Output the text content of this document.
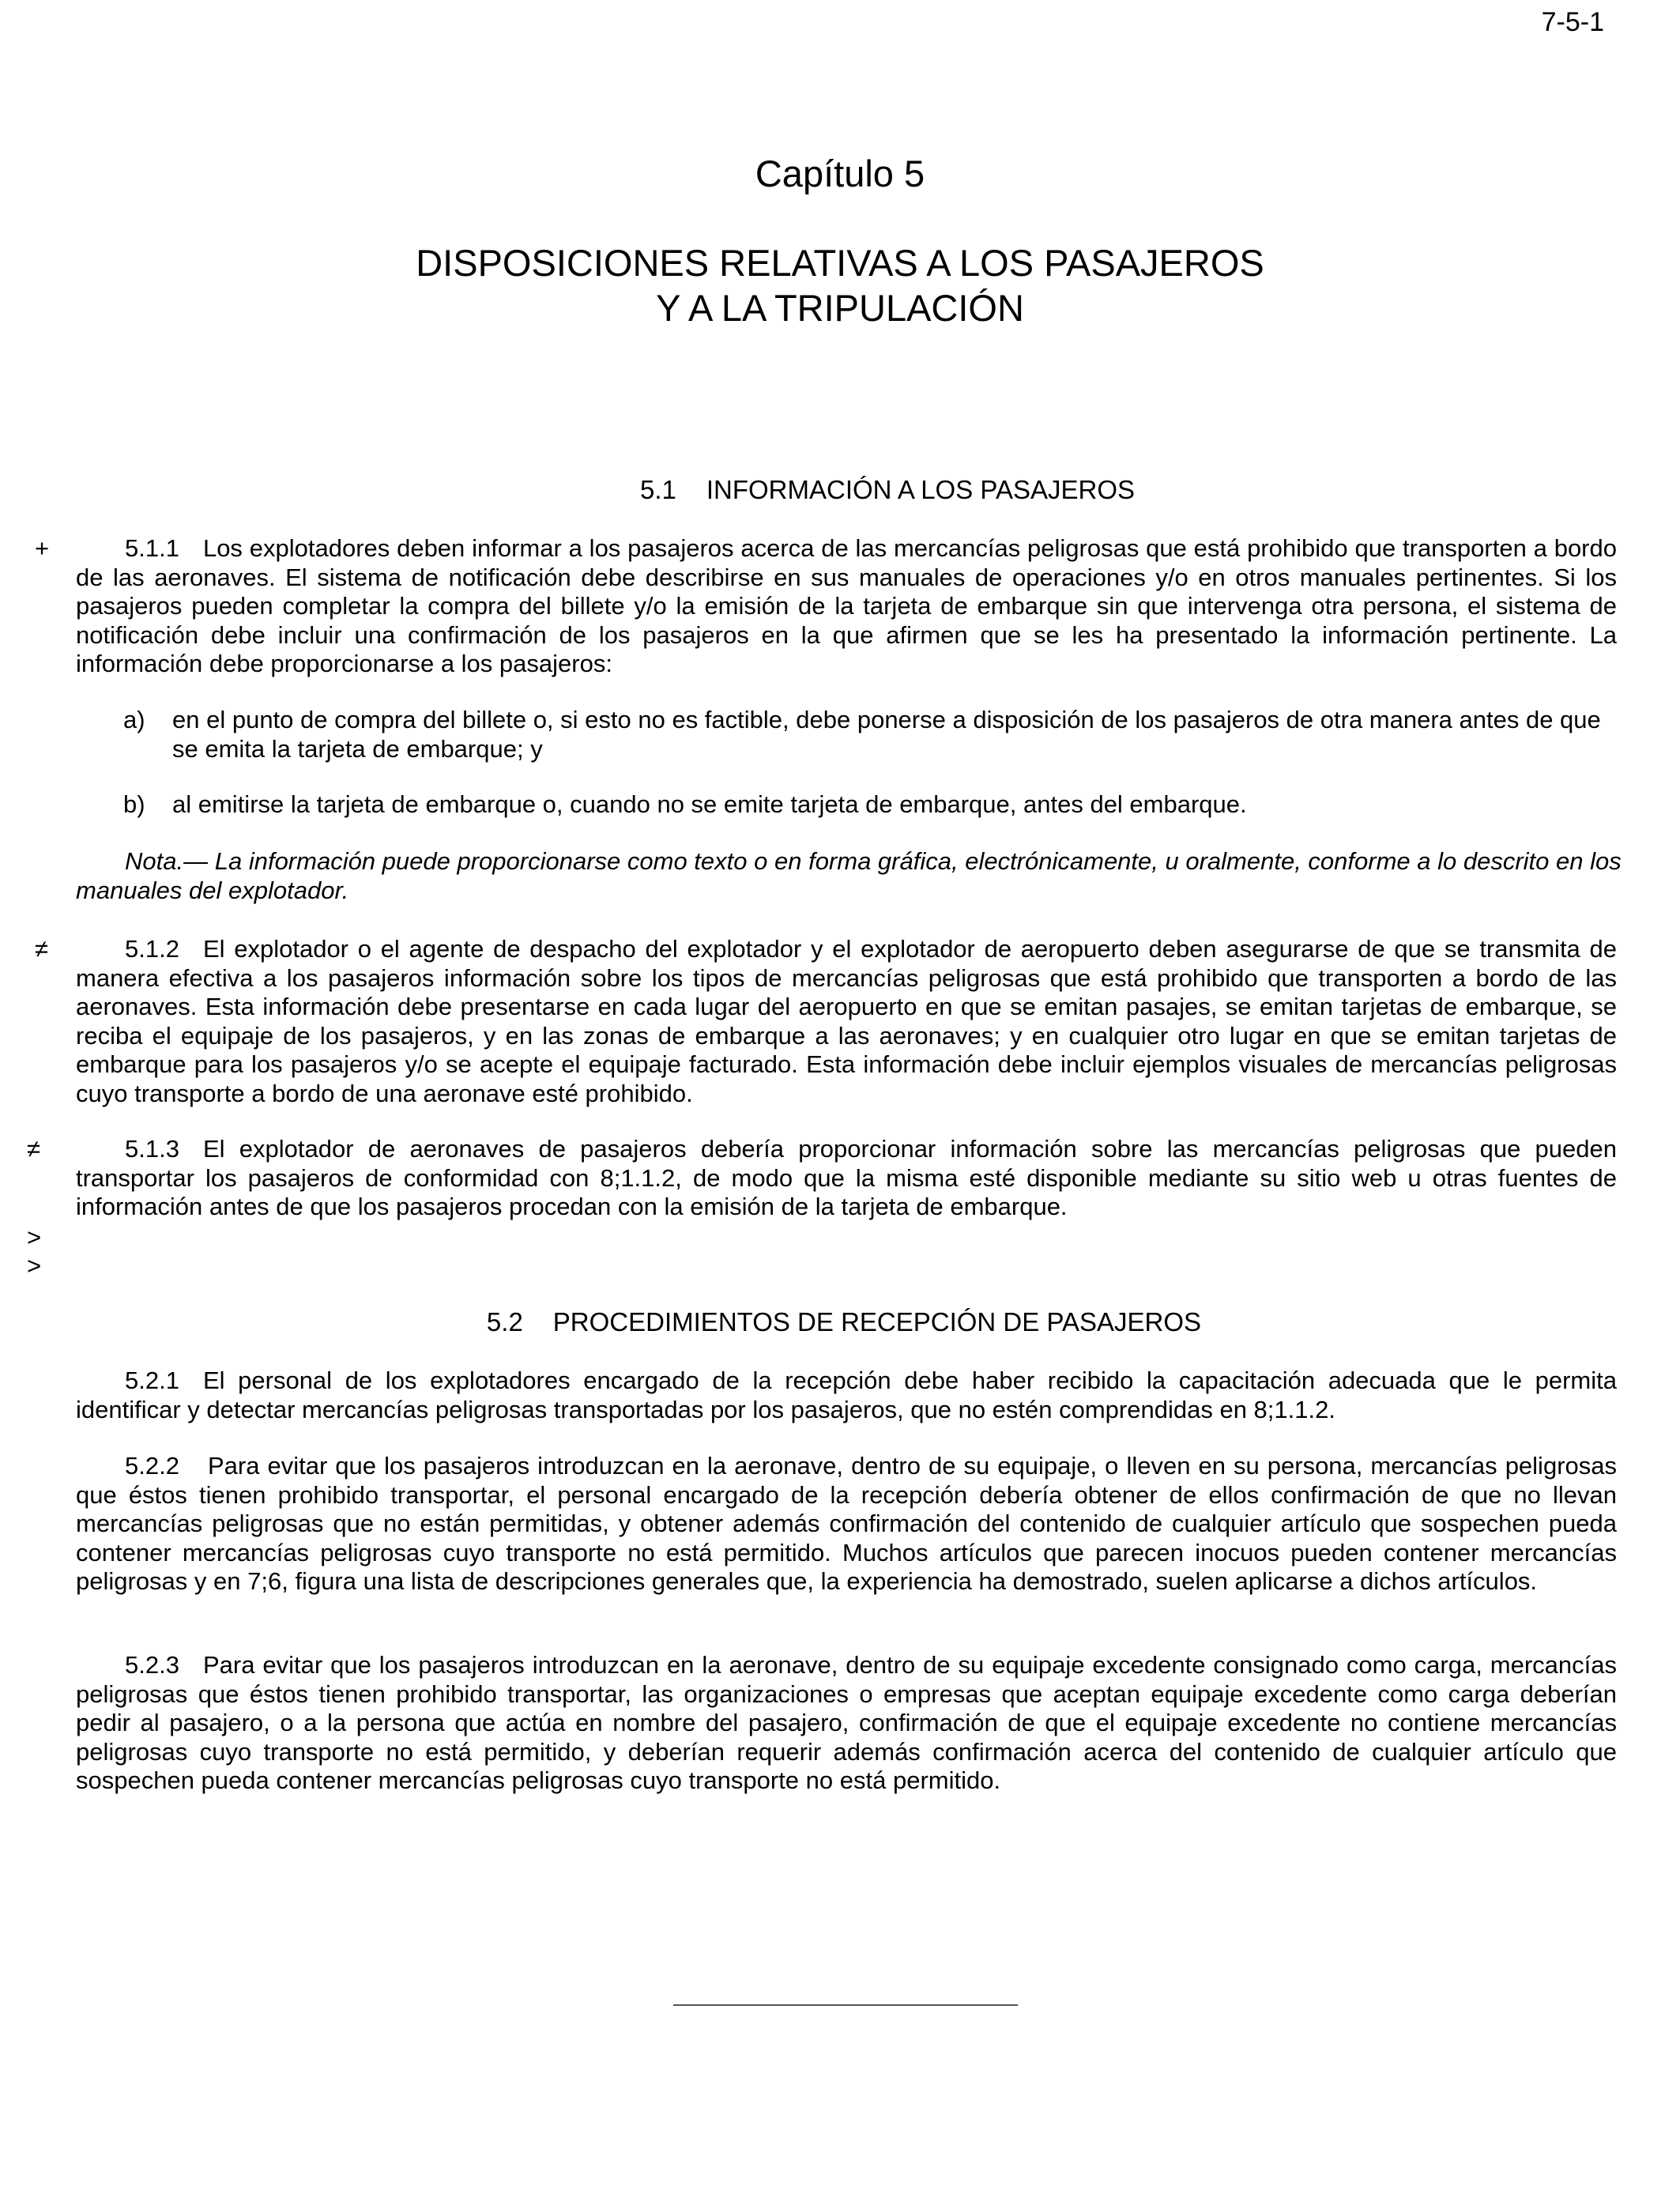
7-5-1
Capítulo 5
DISPOSICIONES RELATIVAS A LOS PASAJEROS
Y A LA TRIPULACIÓN
5.1 INFORMACIÓN A LOS PASAJEROS
+	5.1.1 Los explotadores deben informar a los pasajeros acerca de las mercancías peligrosas que está prohibido que transporten a bordo de las aeronaves. El sistema de notificación debe describirse en sus manuales de operaciones y/o en otros manuales pertinentes. Si los pasajeros pueden completar la compra del billete y/o la emisión de la tarjeta de embarque sin que intervenga otra persona, el sistema de notificación debe incluir una confirmación de los pasajeros en la que afirmen que se les ha presentado la información pertinente. La información debe proporcionarse a los pasajeros:
a) en el punto de compra del billete o, si esto no es factible, debe ponerse a disposición de los pasajeros de otra manera antes de que se emita la tarjeta de embarque; y
b) al emitirse la tarjeta de embarque o, cuando no se emite tarjeta de embarque, antes del embarque.
Nota.— La información puede proporcionarse como texto o en forma gráfica, electrónicamente, u oralmente, conforme a lo descrito en los manuales del explotador.
≠	5.1.2 El explotador o el agente de despacho del explotador y el explotador de aeropuerto deben asegurarse de que se transmita de manera efectiva a los pasajeros información sobre los tipos de mercancías peligrosas que está prohibido que transporten a bordo de las aeronaves. Esta información debe presentarse en cada lugar del aeropuerto en que se emitan pasajes, se emitan tarjetas de embarque, se reciba el equipaje de los pasajeros, y en las zonas de embarque a las aeronaves; y en cualquier otro lugar en que se emitan tarjetas de embarque para los pasajeros y/o se acepte el equipaje facturado. Esta información debe incluir ejemplos visuales de mercancías peligrosas cuyo transporte a bordo de una aeronave esté prohibido.
≠	5.1.3 El explotador de aeronaves de pasajeros debería proporcionar información sobre las mercancías peligrosas que pueden transportar los pasajeros de conformidad con 8;1.1.2, de modo que la misma esté disponible mediante su sitio web u otras fuentes de información antes de que los pasajeros procedan con la emisión de la tarjeta de embarque.
>
>
5.2 PROCEDIMIENTOS DE RECEPCIÓN DE PASAJEROS
5.2.1 El personal de los explotadores encargado de la recepción debe haber recibido la capacitación adecuada que le permita identificar y detectar mercancías peligrosas transportadas por los pasajeros, que no estén comprendidas en 8;1.1.2.
5.2.2 Para evitar que los pasajeros introduzcan en la aeronave, dentro de su equipaje, o lleven en su persona, mercancías peligrosas que éstos tienen prohibido transportar, el personal encargado de la recepción debería obtener de ellos confirmación de que no llevan mercancías peligrosas que no están permitidas, y obtener además confirmación del contenido de cualquier artículo que sospechen pueda contener mercancías peligrosas cuyo transporte no está permitido. Muchos artículos que parecen inocuos pueden contener mercancías peligrosas y en 7;6, figura una lista de descripciones generales que, la experiencia ha demostrado, suelen aplicarse a dichos artículos.
5.2.3 Para evitar que los pasajeros introduzcan en la aeronave, dentro de su equipaje excedente consignado como carga, mercancías peligrosas que éstos tienen prohibido transportar, las organizaciones o empresas que aceptan equipaje excedente como carga deberían pedir al pasajero, o a la persona que actúa en nombre del pasajero, confirmación de que el equipaje excedente no contiene mercancías peligrosas cuyo transporte no está permitido, y deberían requerir además confirmación acerca del contenido de cualquier artículo que sospechen pueda contener mercancías peligrosas cuyo transporte no está permitido.
